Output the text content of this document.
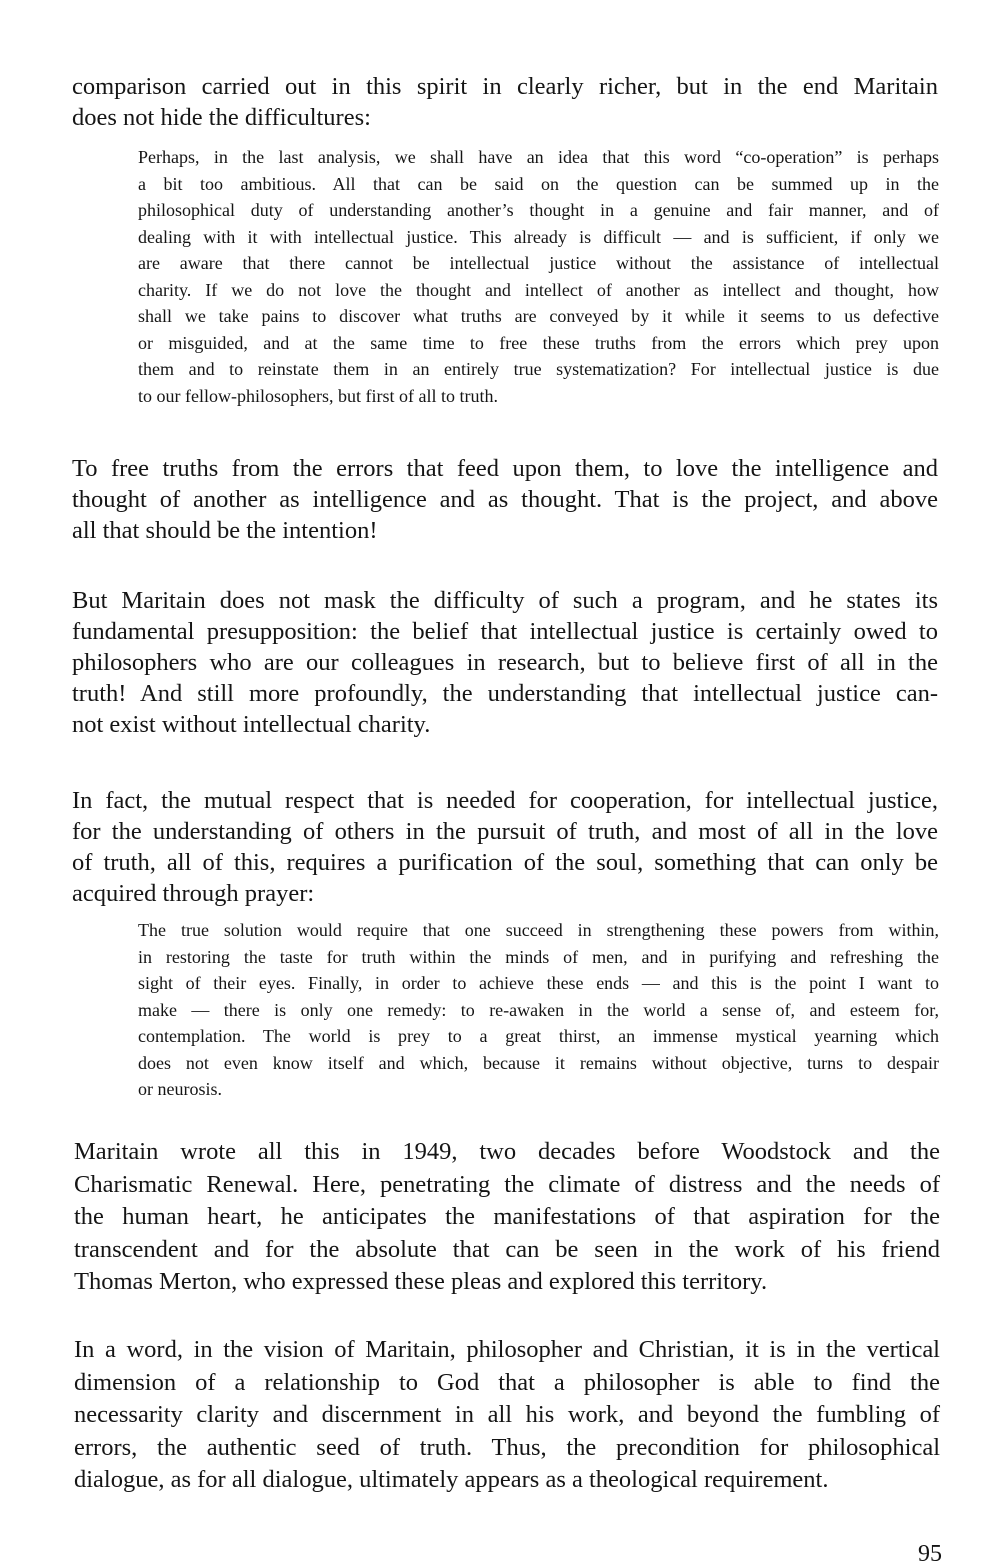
comparison carried out in this spirit in clearly richer, but in the end Maritain
does not hide the difficultures:

Perhaps, in the last analysis, we shall have an idea that this word “co-operation” is perhaps
a bit too ambitious. All that can be said on the question can be summed up in the
philosophical duty of understanding another’s thought in a genuine and fair manner, and of
dealing with it with intellectual justice. This already is difficult — and is sufficient, if only we
are aware that there cannot be intellectual justice without the assistance of intellectual
charity. If we do not love the thought and intellect of another as intellect and thought, how
shall we take pains to discover what truths are conveyed by it while it seems to us defective
or misguided, and at the same time to free these truths from the errors which prey upon
them and to reinstate them in an entirely true systematization? For intellectual justice is due
to our fellow-philosophers, but first of all to truth.

To free truths from the errors that feed upon them, to love the intelligence and
thought of another as intelligence and as thought. That is the project, and above
all that should be the intention!

But Maritain does not mask the difficulty of such a program, and he states its
fundamental presupposition: the belief that intellectual justice is certainly owed to
philosophers who are our colleagues in research, but to believe first of all in the
truth! And still more profoundly, the understanding that intellectual justice can-
not exist without intellectual charity.

In fact, the mutual respect that is needed for cooperation, for intellectual justice,
for the understanding of others in the pursuit of truth, and most of all in the love
of truth, all of this, requires a purification of the soul, something that can only be
acquired through prayer:

The true solution would require that one succeed in strengthening these powers from within,
in restoring the taste for truth within the minds of men, and in purifying and refreshing the
sight of their eyes. Finally, in order to achieve these ends — and this is the point I want to
make — there is only one remedy: to re-awaken in the world a sense of, and esteem for,
contemplation. The world is prey to a great thirst, an immense mystical yearning which
does not even know itself and which, because it remains without objective, turns to despair
or neurosis.

Maritain wrote all this in 1949, two decades before Woodstock and the
Charismatic Renewal. Here, penetrating the climate of distress and the needs of
the human heart, he anticipates the manifestations of that aspiration for the
transcendent and for the absolute that can be seen in the work of his friend
Thomas Merton, who expressed these pleas and explored this territory.

In a word, in the vision of Maritain, philosopher and Christian, it is in the vertical
dimension of a relationship to God that a philosopher is able to find the
necessarity clarity and discernment in all his work, and beyond the fumbling of
errors, the authentic seed of truth. Thus, the precondition for philosophical
dialogue, as for all dialogue, ultimately appears as a theological requirement.

95
